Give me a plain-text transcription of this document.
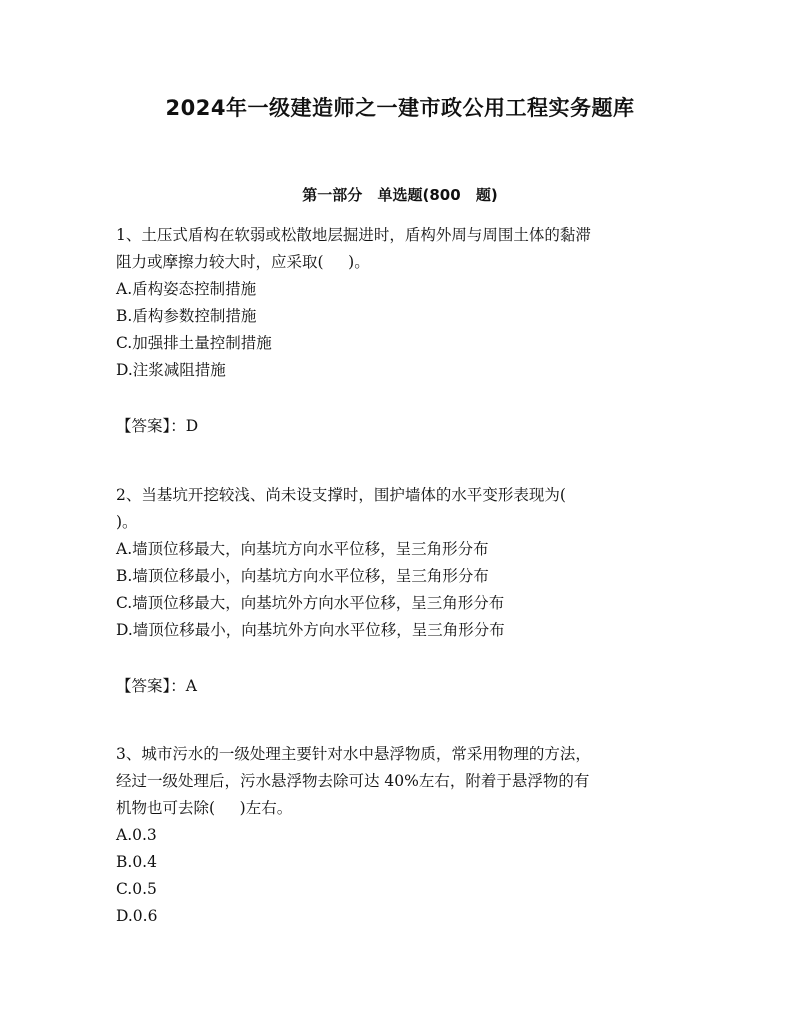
2024年一级建造师之一建市政公用工程实务题库
第一部分 单选题(800 题)
1、土压式盾构在软弱或松散地层掘进时，盾构外周与周围土体的黏滞
阻力或摩擦力较大时，应采取(     )。
A.盾构姿态控制措施
B.盾构参数控制措施
C.加强排土量控制措施
D.注浆减阻措施
【答案】：D
2、当基坑开挖较浅、尚未设支撑时，围护墙体的水平变形表现为(
)。
A.墙顶位移最大，向基坑方向水平位移，呈三角形分布
B.墙顶位移最小，向基坑方向水平位移，呈三角形分布
C.墙顶位移最大，向基坑外方向水平位移，呈三角形分布
D.墙顶位移最小，向基坑外方向水平位移，呈三角形分布
【答案】：A
3、城市污水的一级处理主要针对水中悬浮物质，常采用物理的方法，
经过一级处理后，污水悬浮物去除可达 40%左右，附着于悬浮物的有
机物也可去除(     )左右。
A.0.3
B.0.4
C.0.5
D.0.6
